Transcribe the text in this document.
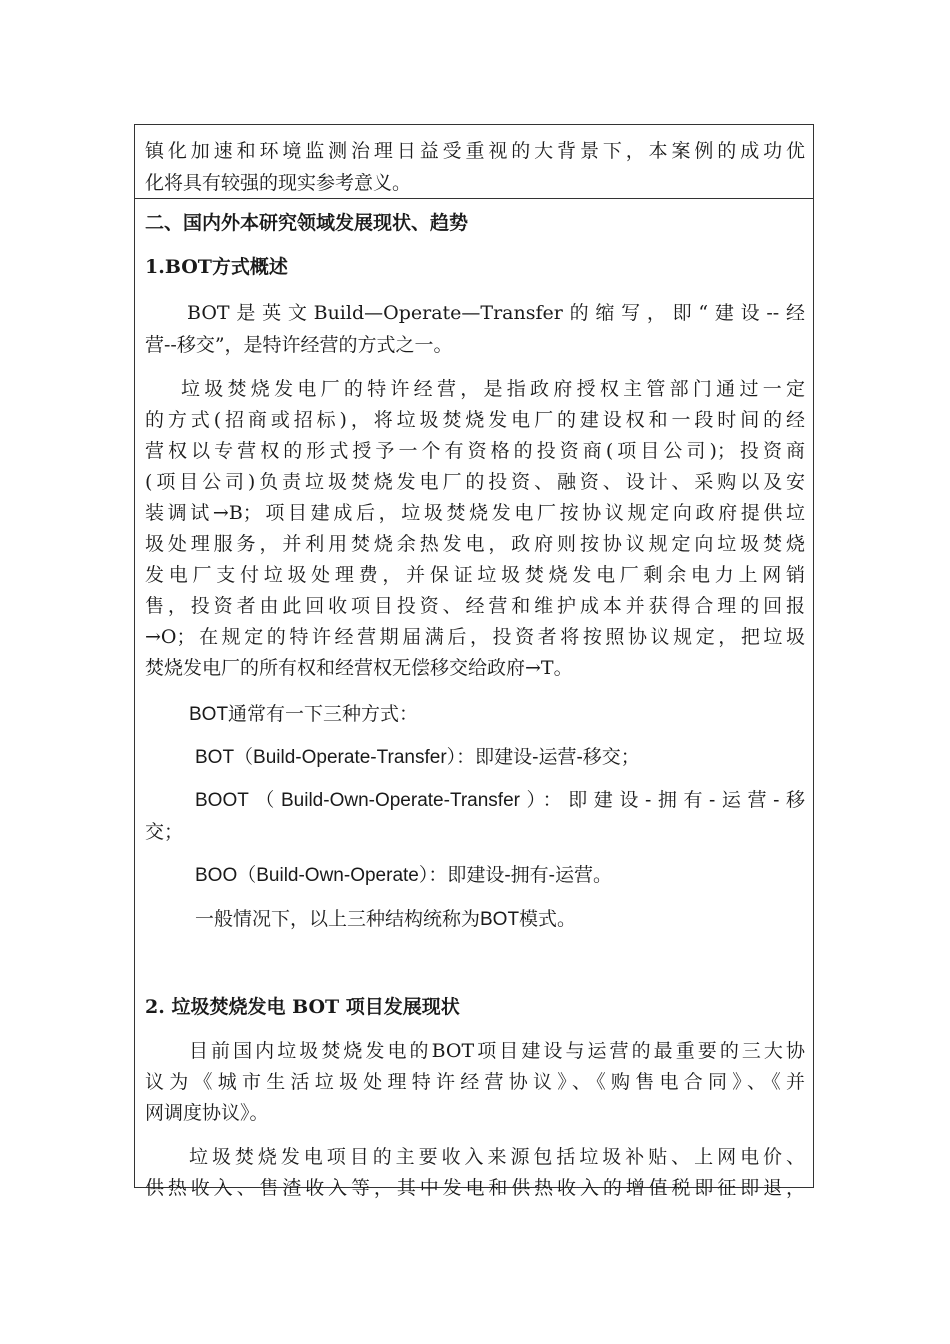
镇化加速和环境监测治理日益受重视的大背景下，本案例的成功优
化将具有较强的现实参考意义。
二、国内外本研究领域发展现状、趋势
1.BOT方式概述
BOT是英文Build—Operate—Transfer的缩写，即“建设--经
营--移交”，是特许经营的方式之一。
垃圾焚烧发电厂的特许经营，是指政府授权主管部门通过一定
的方式(招商或招标)，将垃圾焚烧发电厂的建设权和一段时间的经
营权以专营权的形式授予一个有资格的投资商(项目公司)；投资商
(项目公司)负责垃圾焚烧发电厂的投资、融资、设计、采购以及安
装调试→B；项目建成后，垃圾焚烧发电厂按协议规定向政府提供垃
圾处理服务，并利用焚烧余热发电，政府则按协议规定向垃圾焚烧
发电厂支付垃圾处理费，并保证垃圾焚烧发电厂剩余电力上网销
售，投资者由此回收项目投资、经营和维护成本并获得合理的回报
→O；在规定的特许经营期届满后，投资者将按照协议规定，把垃圾
焚烧发电厂的所有权和经营权无偿移交给政府→T。
BOT通常有一下三种方式：
BOT（Build-Operate-Transfer）：即建设-运营-移交；
BOOT（Build-Own-Operate-Transfer）：即建设-拥有-运营-移
交；
BOO（Build-Own-Operate）：即建设-拥有-运营。
一般情况下，以上三种结构统称为BOT模式。
2. 垃圾焚烧发电 BOT 项目发展现状
目前国内垃圾焚烧发电的BOT项目建设与运营的最重要的三大协
议为《城市生活垃圾处理特许经营协议》、《购售电合同》、《并
网调度协议》。
垃圾焚烧发电项目的主要收入来源包括垃圾补贴、上网电价、
供热收入、售渣收入等，其中发电和供热收入的增值税即征即退，
